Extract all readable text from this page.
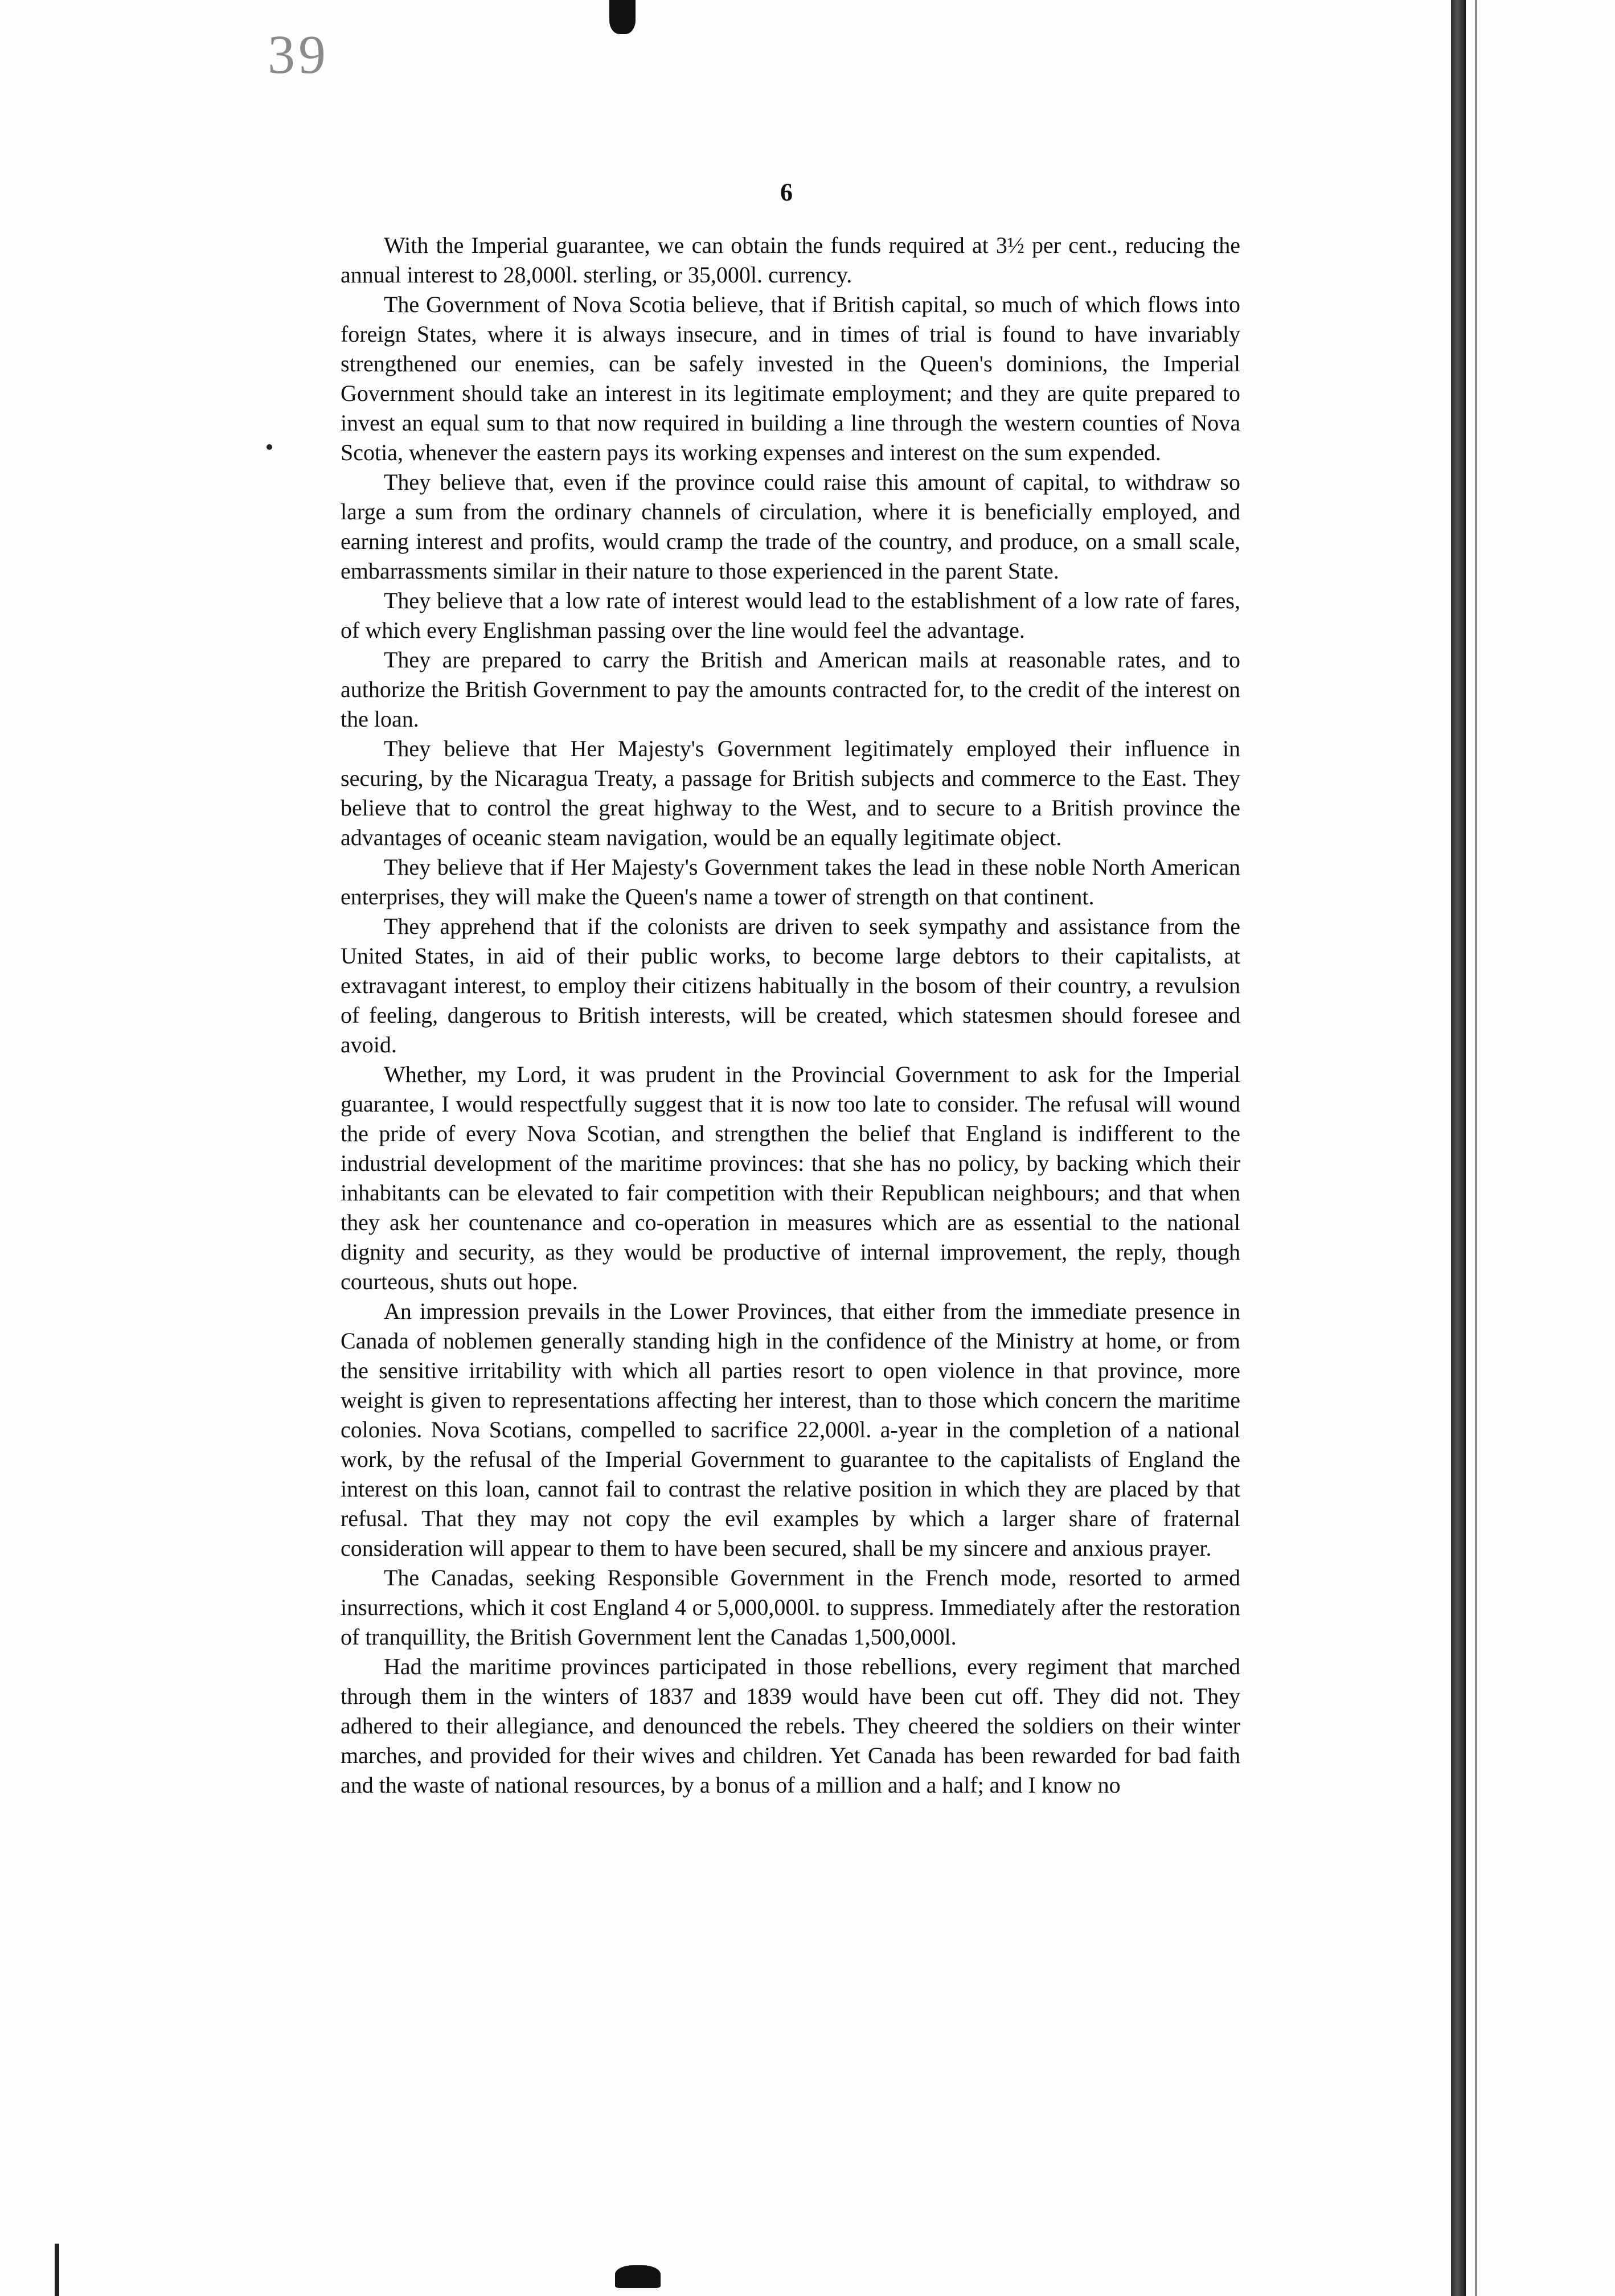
39
6

With the Imperial guarantee, we can obtain the funds required at 3½ per cent., reducing the annual interest to 28,000l. sterling, or 35,000l. currency.

The Government of Nova Scotia believe, that if British capital, so much of which flows into foreign States, where it is always insecure, and in times of trial is found to have invariably strengthened our enemies, can be safely invested in the Queen's dominions, the Imperial Government should take an interest in its legitimate employment; and they are quite prepared to invest an equal sum to that now required in building a line through the western counties of Nova Scotia, whenever the eastern pays its working expenses and interest on the sum expended.

They believe that, even if the province could raise this amount of capital, to withdraw so large a sum from the ordinary channels of circulation, where it is beneficially employed, and earning interest and profits, would cramp the trade of the country, and produce, on a small scale, embarrassments similar in their nature to those experienced in the parent State.

They believe that a low rate of interest would lead to the establishment of a low rate of fares, of which every Englishman passing over the line would feel the advantage.

They are prepared to carry the British and American mails at reasonable rates, and to authorize the British Government to pay the amounts contracted for, to the credit of the interest on the loan.

They believe that Her Majesty's Government legitimately employed their influence in securing, by the Nicaragua Treaty, a passage for British subjects and commerce to the East. They believe that to control the great highway to the West, and to secure to a British province the advantages of oceanic steam navigation, would be an equally legitimate object.

They believe that if Her Majesty's Government takes the lead in these noble North American enterprises, they will make the Queen's name a tower of strength on that continent.

They apprehend that if the colonists are driven to seek sympathy and assistance from the United States, in aid of their public works, to become large debtors to their capitalists, at extravagant interest, to employ their citizens habitually in the bosom of their country, a revulsion of feeling, dangerous to British interests, will be created, which statesmen should foresee and avoid.

Whether, my Lord, it was prudent in the Provincial Government to ask for the Imperial guarantee, I would respectfully suggest that it is now too late to consider. The refusal will wound the pride of every Nova Scotian, and strengthen the belief that England is indifferent to the industrial development of the maritime provinces: that she has no policy, by backing which their inhabitants can be elevated to fair competition with their Republican neighbours; and that when they ask her countenance and co-operation in measures which are as essential to the national dignity and security, as they would be productive of internal improvement, the reply, though courteous, shuts out hope.

An impression prevails in the Lower Provinces, that either from the immediate presence in Canada of noblemen generally standing high in the confidence of the Ministry at home, or from the sensitive irritability with which all parties resort to open violence in that province, more weight is given to representations affecting her interest, than to those which concern the maritime colonies. Nova Scotians, compelled to sacrifice 22,000l. a-year in the completion of a national work, by the refusal of the Imperial Government to guarantee to the capitalists of England the interest on this loan, cannot fail to contrast the relative position in which they are placed by that refusal. That they may not copy the evil examples by which a larger share of fraternal consideration will appear to them to have been secured, shall be my sincere and anxious prayer.

The Canadas, seeking Responsible Government in the French mode, resorted to armed insurrections, which it cost England 4 or 5,000,000l. to suppress. Immediately after the restoration of tranquillity, the British Government lent the Canadas 1,500,000l.

Had the maritime provinces participated in those rebellions, every regiment that marched through them in the winters of 1837 and 1839 would have been cut off. They did not. They adhered to their allegiance, and denounced the rebels. They cheered the soldiers on their winter marches, and provided for their wives and children. Yet Canada has been rewarded for bad faith and the waste of national resources, by a bonus of a million and a half; and I know no
